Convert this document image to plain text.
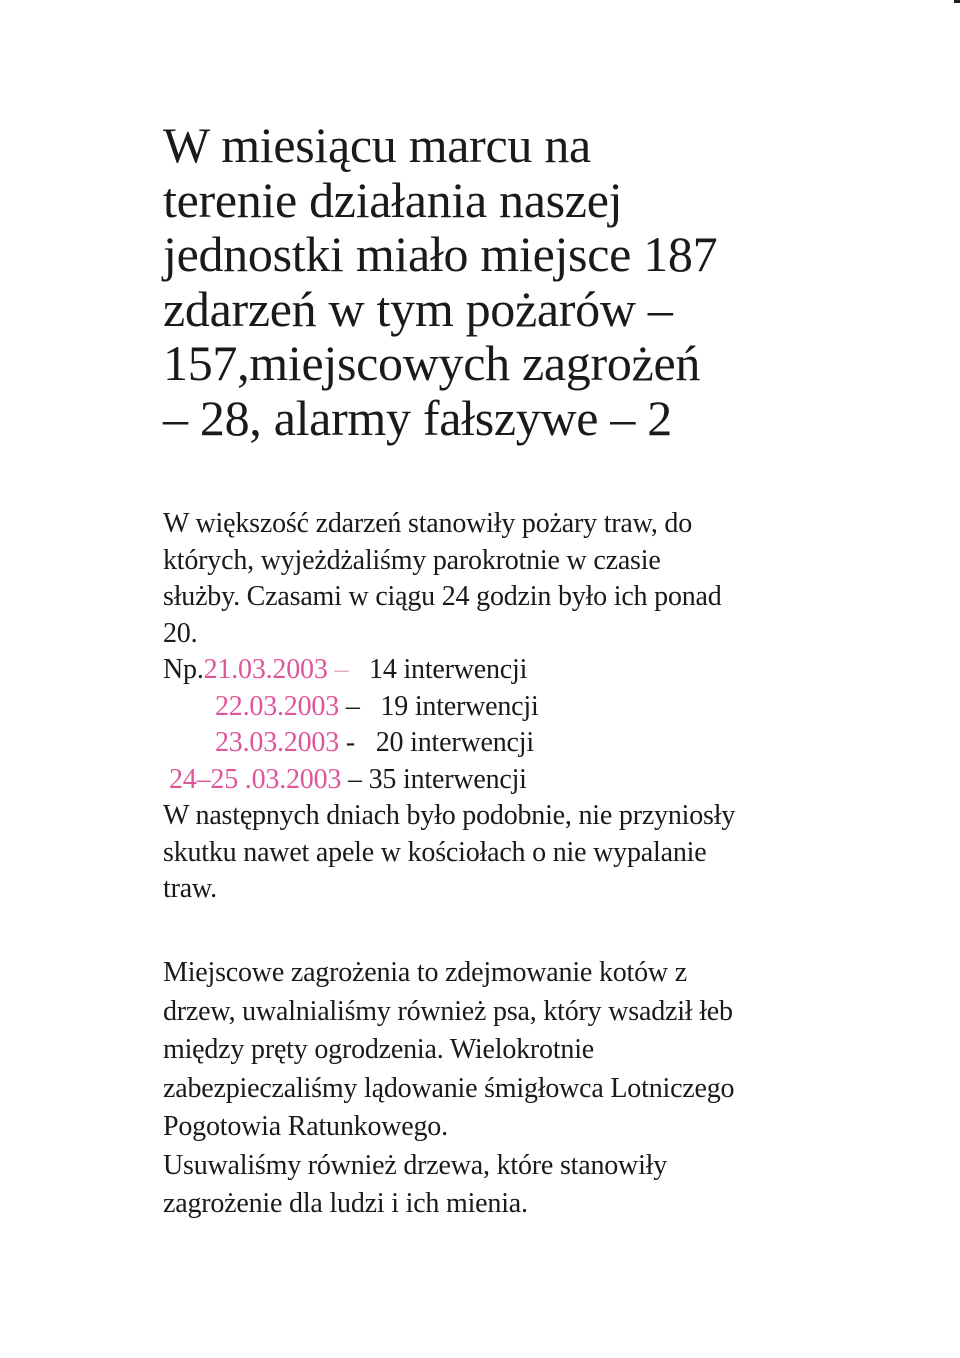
W miesiącu marcu na
terenie działania naszej
jednostki miało miejsce 187
zdarzeń w tym pożarów –
157,miejscowych zagrożeń
– 28, alarmy fałszywe – 2
W większość zdarzeń stanowiły pożary traw, do
których, wyjeżdżaliśmy parokrotnie w czasie
służby. Czasami w ciągu 24 godzin było ich ponad
20.
Np.21.03.2003 – 14 interwencji
22.03.2003 – 19 interwencji
23.03.2003 - 20 interwencji
24–25 .03.2003 – 35 interwencji
W następnych dniach było podobnie, nie przyniosły
skutku nawet apele w kościołach o nie wypalanie
traw.
Miejscowe zagrożenia to zdejmowanie kotów z
drzew, uwalnialiśmy również psa, który wsadził łeb
między pręty ogrodzenia. Wielokrotnie
zabezpieczaliśmy lądowanie śmigłowca Lotniczego
Pogotowia Ratunkowego.
Usuwaliśmy również drzewa, które stanowiły
zagrożenie dla ludzi i ich mienia.
